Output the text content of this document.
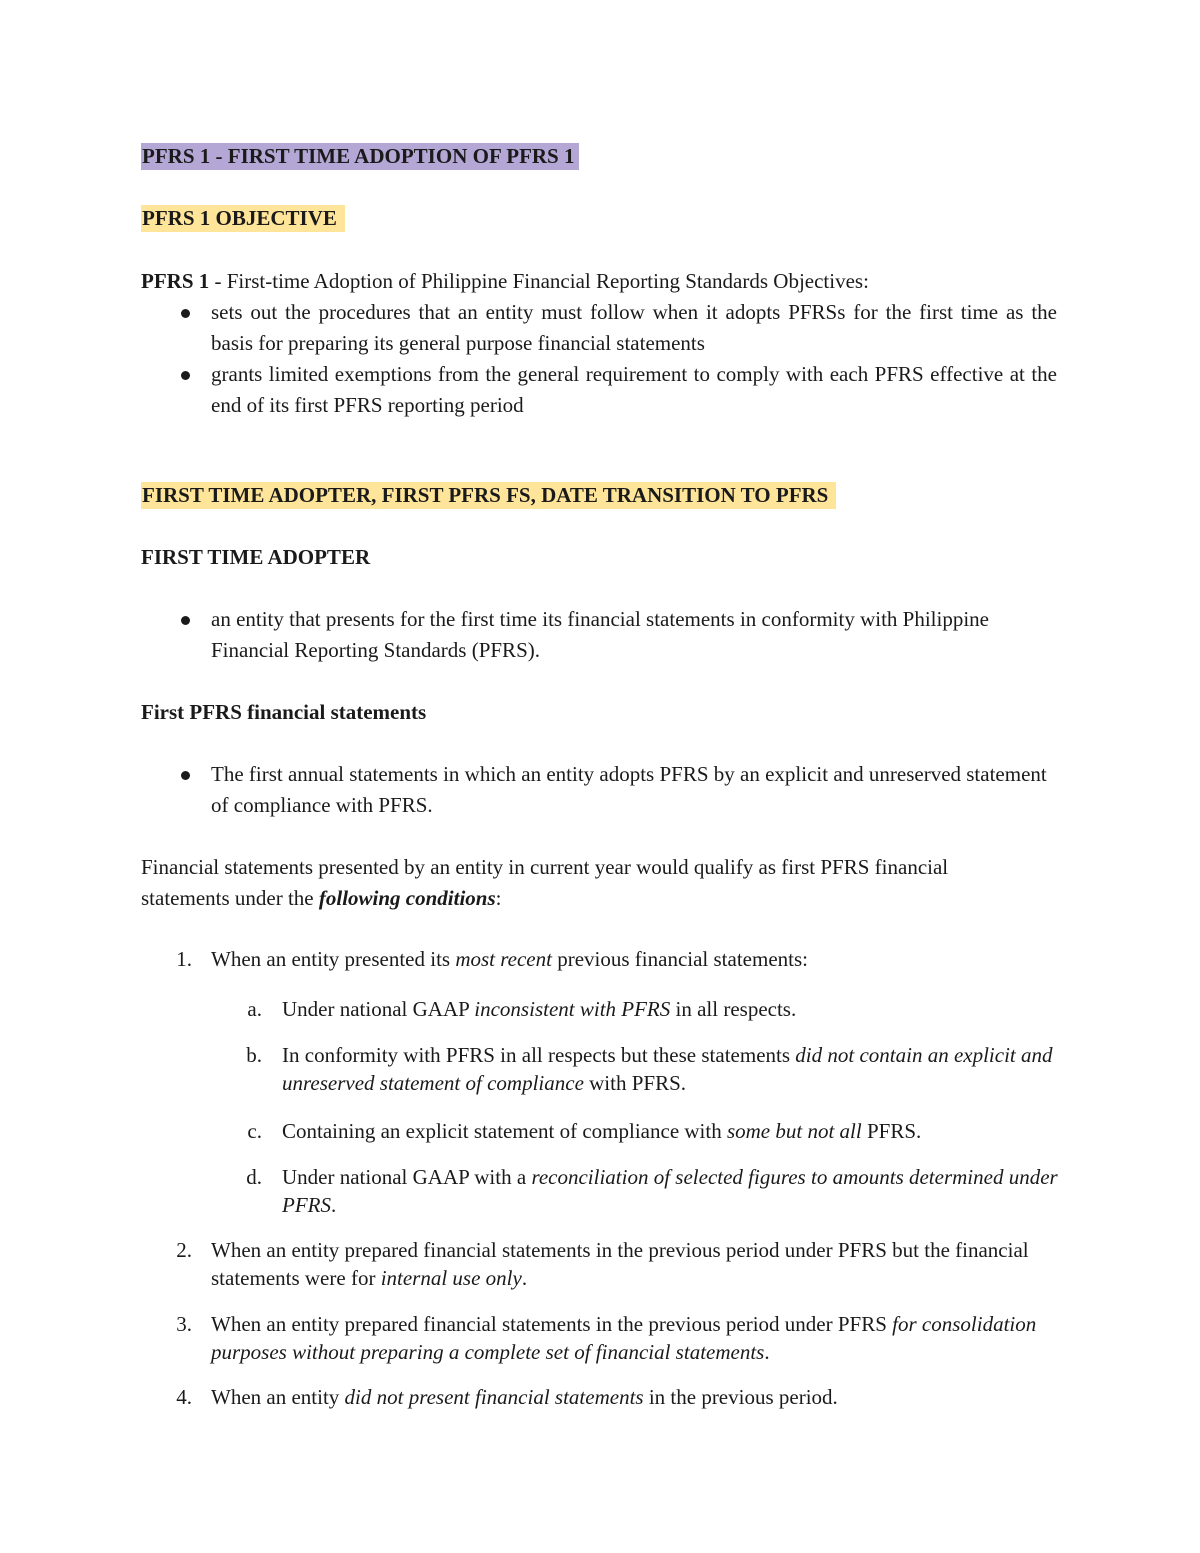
PFRS 1 - FIRST TIME ADOPTION OF PFRS 1

PFRS 1 OBJECTIVE

PFRS 1 - First-time Adoption of Philippine Financial Reporting Standards Objectives:

sets out the procedures that an entity must follow when it adopts PFRSs for the first time as the basis for preparing its general purpose financial statements
grants limited exemptions from the general requirement to comply with each PFRS effective at the end of its first PFRS reporting period

FIRST TIME ADOPTER, FIRST PFRS FS, DATE TRANSITION TO PFRS

FIRST TIME ADOPTER

an entity that presents for the first time its financial statements in conformity with Philippine Financial Reporting Standards (PFRS).

First PFRS financial statements

The first annual statements in which an entity adopts PFRS by an explicit and unreserved statement of compliance with PFRS.
Financial statements presented by an entity in current year would qualify as first PFRS financial
statements under the following conditions:
1. When an entity presented its most recent previous financial statements:
a. Under national GAAP inconsistent with PFRS in all respects.
b. In conformity with PFRS in all respects but these statements did not contain an explicit and unreserved statement of compliance with PFRS.
c. Containing an explicit statement of compliance with some but not all PFRS.
d. Under national GAAP with a reconciliation of selected figures to amounts determined under PFRS.
2. When an entity prepared financial statements in the previous period under PFRS but the financial statements were for internal use only.
3. When an entity prepared financial statements in the previous period under PFRS for consolidation purposes without preparing a complete set of financial statements.
4. When an entity did not present financial statements in the previous period.
